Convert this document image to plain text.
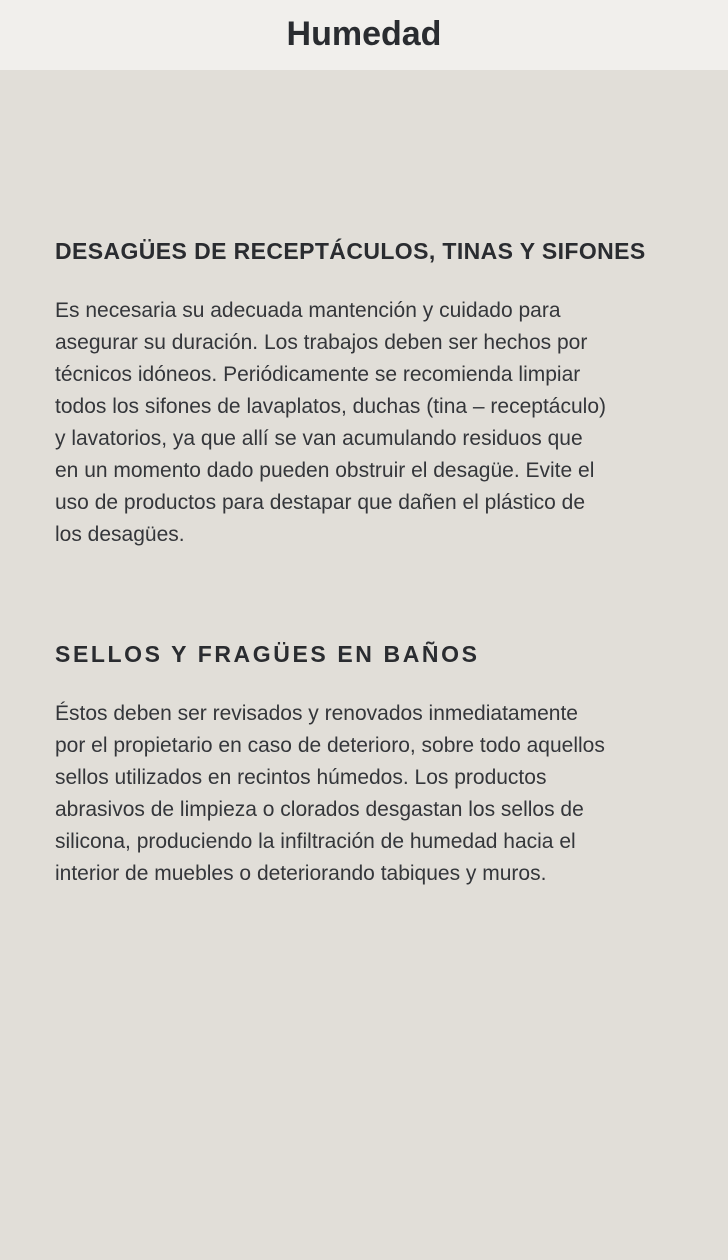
Humedad
DESAGÜES DE RECEPTÁCULOS, TINAS Y SIFONES

Es necesaria su adecuada mantención y cuidado para
asegurar su duración. Los trabajos deben ser hechos por
técnicos idóneos. Periódicamente se recomienda limpiar
todos los sifones de lavaplatos, duchas (tina – receptáculo)
y lavatorios, ya que allí se van acumulando residuos que
en un momento dado pueden obstruir el desagüe. Evite el
uso de productos para destapar que dañen el plástico de
los desagües.

SELLOS Y FRAGÜES EN BAÑOS

Éstos deben ser revisados y renovados inmediatamente
por el propietario en caso de deterioro, sobre todo aquellos
sellos utilizados en recintos húmedos. Los productos
abrasivos de limpieza o clorados desgastan los sellos de
silicona, produciendo la infiltración de humedad hacia el
interior de muebles o deteriorando tabiques y muros.
